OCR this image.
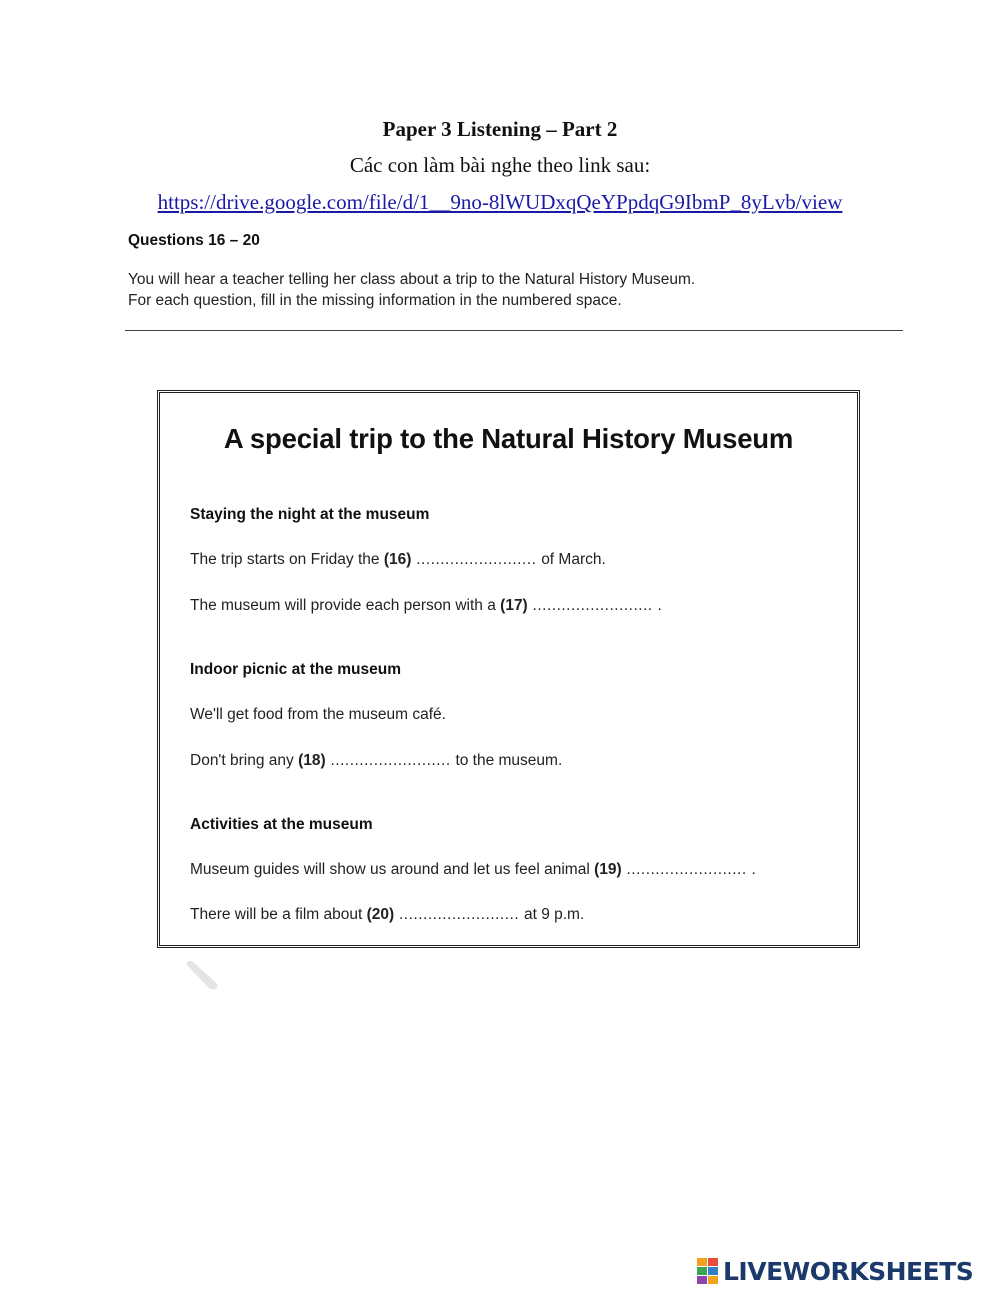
Paper 3 Listening – Part 2
Các con làm bài nghe theo link sau:
https://drive.google.com/file/d/1__9no-8lWUDxqQeYPpdqG9IbmP_8yLvb/view
Questions 16 – 20
You will hear a teacher telling her class about a trip to the Natural History Museum.
For each question, fill in the missing information in the numbered space.
A special trip to the Natural History Museum
Staying the night at the museum
The trip starts on Friday the (16) ......................... of March.
The museum will provide each person with a (17) ......................... .
Indoor picnic at the museum
We'll get food from the museum café.
Don't bring any (18) ......................... to the museum.
Activities at the museum
Museum guides will show us around and let us feel animal (19) ......................... .
There will be a film about (20) ......................... at 9 p.m.
LIVEWORKSHEETS
